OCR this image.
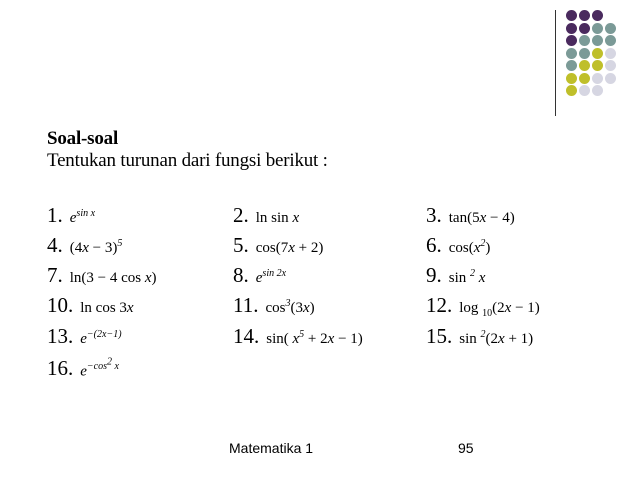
Soal-soal
Tentukan turunan dari fungsi berikut :
1. $e^{sin x}$	2. ln sin x	3. tan(5x − 4)
4. $(4x - 3)^5$	5. cos(7x + 2)	6. $\cos(x^2)$
7. ln(3 − 4 cos x)	8. $e^{sin 2x}$	9. sin $^2$ x
10. ln cos 3x	11. $\cos^3(3x)$	12. log $_{10}$(2x − 1)
13. $e^{-(2x-1)}$	14. sin( $x^5 + 2x - 1$)	15. sin $^2$(2x + 1)
16. $e^{-cos^2 x}$
Matematika 1	95
